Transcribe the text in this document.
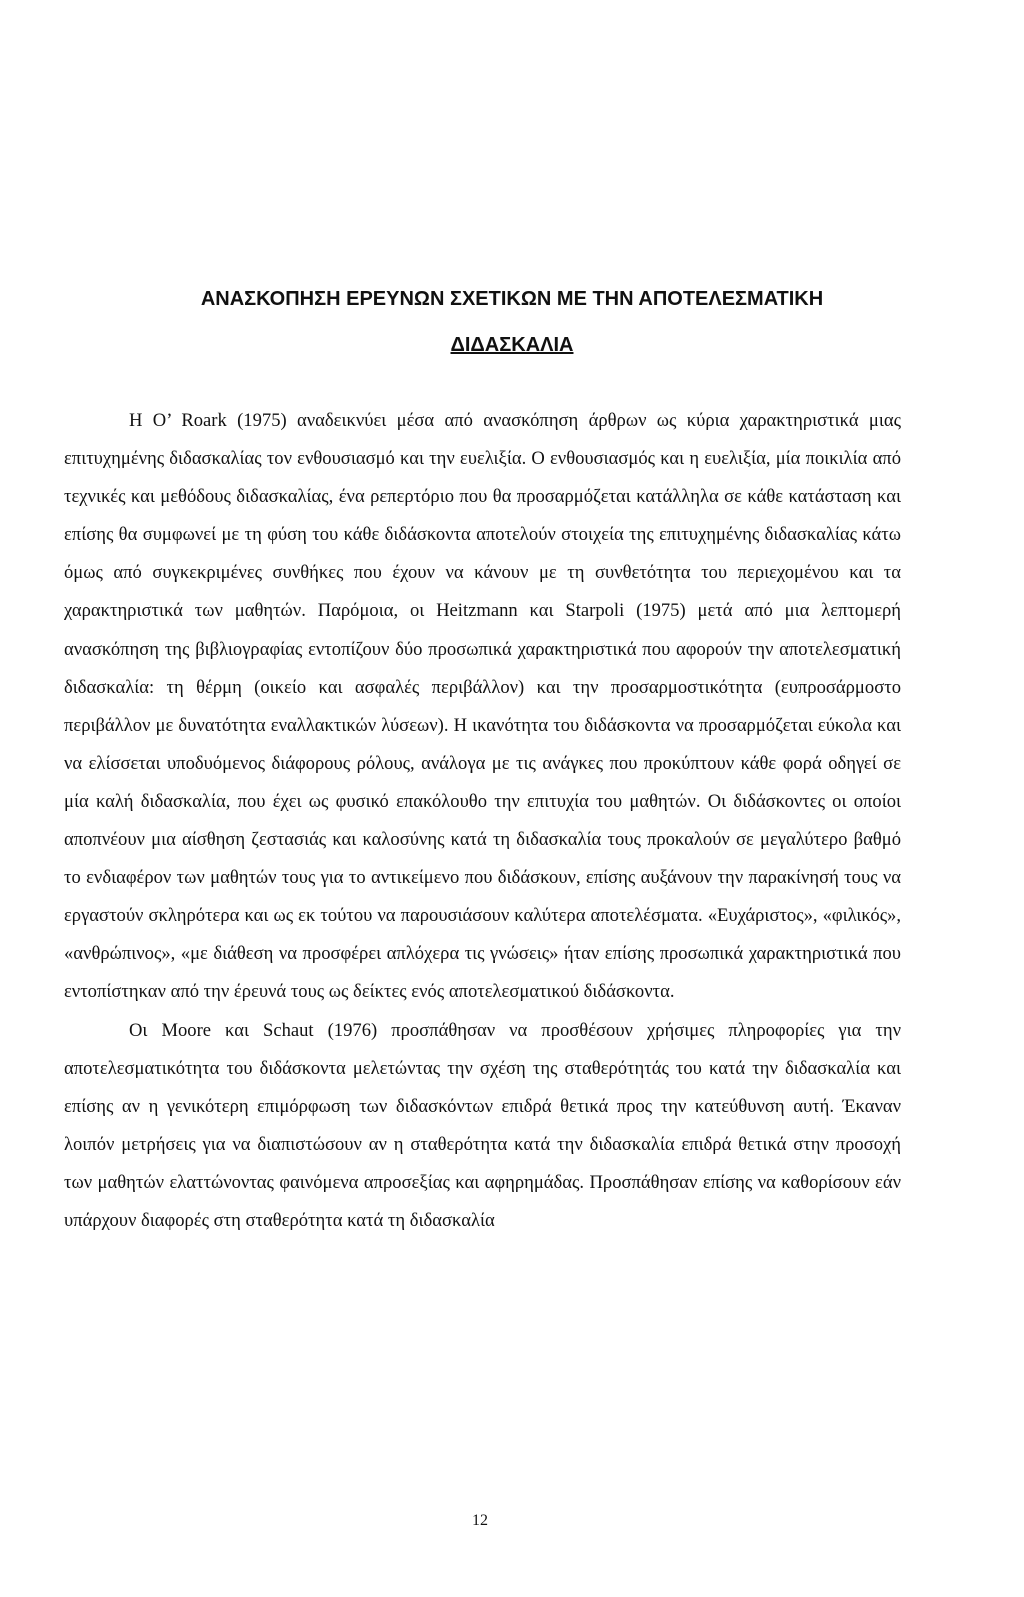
ΑΝΑΣΚΟΠΗΣΗ ΕΡΕΥΝΩΝ ΣΧΕΤΙΚΩΝ ΜΕ ΤΗΝ ΑΠΟΤΕΛΕΣΜΑΤΙΚΗ
ΔΙΔΑΣΚΑΛΙΑ

Η Ο’ Roark (1975) αναδεικνύει μέσα από ανασκόπηση άρθρων ως κύρια χαρακτηριστικά μιας επιτυχημένης διδασκαλίας τον ενθουσιασμό και την ευελιξία. Ο ενθουσιασμός και η ευελιξία, μία ποικιλία από τεχνικές και μεθόδους διδασκαλίας, ένα ρεπερτόριο που θα προσαρμόζεται κατάλληλα σε κάθε κατάσταση και επίσης θα συμφωνεί με τη φύση του κάθε διδάσκοντα αποτελούν στοιχεία της επιτυχημένης διδασκαλίας κάτω όμως από συγκεκριμένες συνθήκες που έχουν να κάνουν με τη συνθετότητα του περιεχομένου και τα χαρακτηριστικά των μαθητών. Παρόμοια, οι Heitzmann και Starpoli (1975) μετά από μια λεπτομερή ανασκόπηση της βιβλιογραφίας εντοπίζουν δύο προσωπικά χαρακτηριστικά που αφορούν την αποτελεσματική διδασκαλία: τη θέρμη (οικείο και ασφαλές περιβάλλον) και την προσαρμοστικότητα (ευπροσάρμοστο περιβάλλον με δυνατότητα εναλλακτικών λύσεων). Η ικανότητα του διδάσκοντα να προσαρμόζεται εύκολα και να ελίσσεται υποδυόμενος διάφορους ρόλους, ανάλογα με τις ανάγκες που προκύπτουν κάθε φορά οδηγεί σε μία καλή διδασκαλία, που έχει ως φυσικό επακόλουθο την επιτυχία του μαθητών. Οι διδάσκοντες οι οποίοι αποπνέουν μια αίσθηση ζεστασιάς και καλοσύνης κατά τη διδασκαλία τους προκαλούν σε μεγαλύτερο βαθμό το ενδιαφέρον των μαθητών τους για το αντικείμενο που διδάσκουν, επίσης αυξάνουν την παρακίνησή τους να εργαστούν σκληρότερα και ως εκ τούτου να παρουσιάσουν καλύτερα αποτελέσματα. «Ευχάριστος», «φιλικός», «ανθρώπινος», «με διάθεση να προσφέρει απλόχερα τις γνώσεις» ήταν επίσης προσωπικά χαρακτηριστικά που εντοπίστηκαν από την έρευνά τους ως δείκτες ενός αποτελεσματικού διδάσκοντα.

Οι Moore και Schaut (1976) προσπάθησαν να προσθέσουν χρήσιμες πληροφορίες για την αποτελεσματικότητα του διδάσκοντα μελετώντας την σχέση της σταθερότητάς του κατά την διδασκαλία και επίσης αν η γενικότερη επιμόρφωση των διδασκόντων επιδρά θετικά προς την κατεύθυνση αυτή. Έκαναν λοιπόν μετρήσεις για να διαπιστώσουν αν η σταθερότητα κατά την διδασκαλία επιδρά θετικά στην προσοχή των μαθητών ελαττώνοντας φαινόμενα απροσεξίας και αφηρημάδας. Προσπάθησαν επίσης να καθορίσουν εάν υπάρχουν διαφορές στη σταθερότητα κατά τη διδασκαλία

12
